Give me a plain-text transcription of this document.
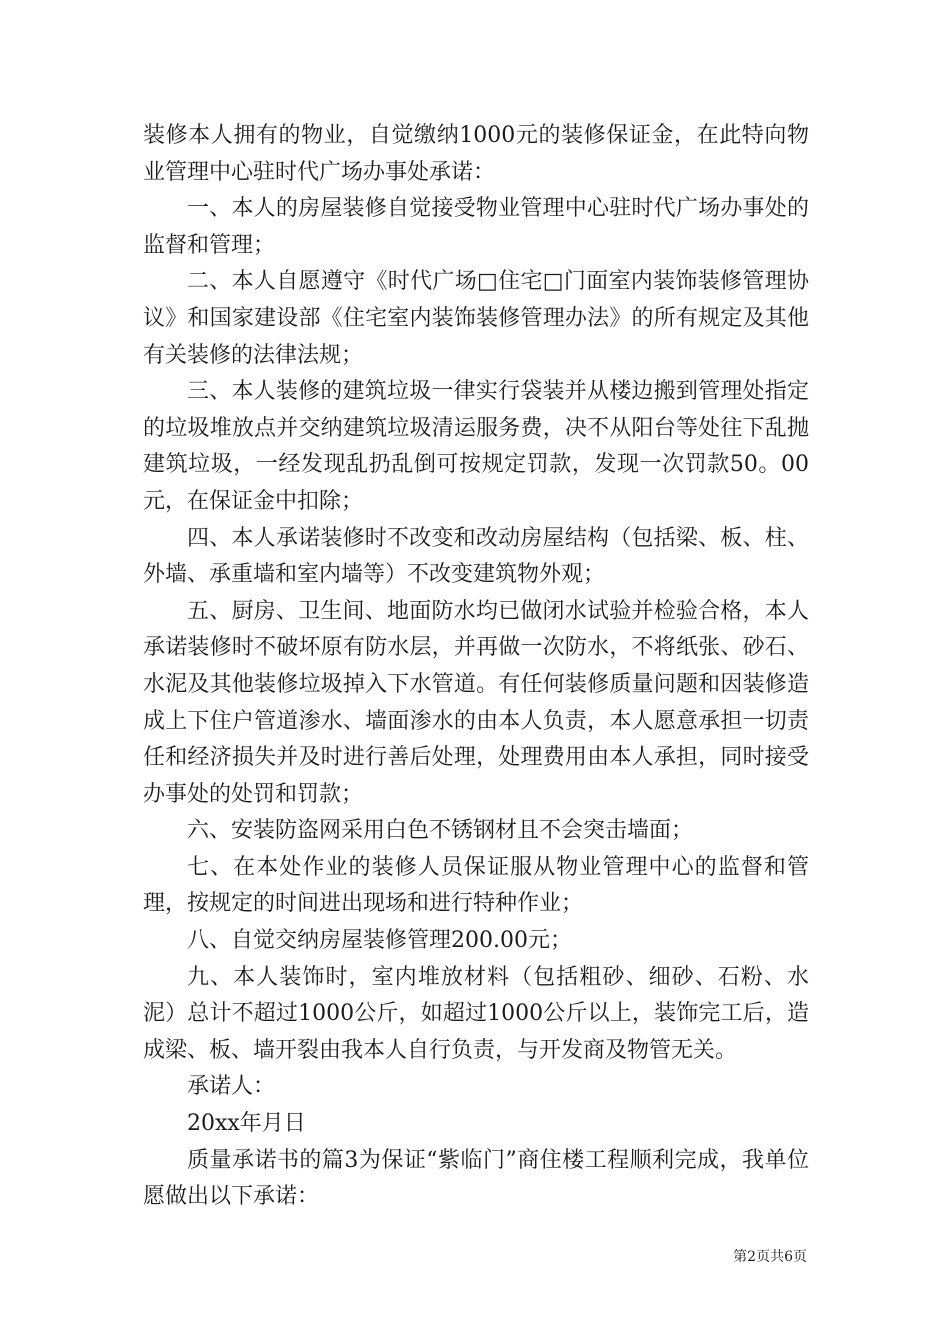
装修本人拥有的物业，自觉缴纳1000元的装修保证金，在此特向物业管理中心驻时代广场办事处承诺：

一、本人的房屋装修自觉接受物业管理中心驻时代广场办事处的监督和管理；

二、本人自愿遵守《时代广场□住宅□门面室内装饰装修管理协议》和国家建设部《住宅室内装饰装修管理办法》的所有规定及其他有关装修的法律法规；

三、本人装修的建筑垃圾一律实行袋装并从楼边搬到管理处指定的垃圾堆放点并交纳建筑垃圾清运服务费，决不从阳台等处往下乱抛建筑垃圾，一经发现乱扔乱倒可按规定罚款，发现一次罚款50。00元，在保证金中扣除；

四、本人承诺装修时不改变和改动房屋结构（包括梁、板、柱、外墙、承重墙和室内墙等）不改变建筑物外观；

五、厨房、卫生间、地面防水均已做闭水试验并检验合格，本人承诺装修时不破坏原有防水层，并再做一次防水，不将纸张、砂石、水泥及其他装修垃圾掉入下水管道。有任何装修质量问题和因装修造成上下住户管道渗水、墙面渗水的由本人负责，本人愿意承担一切责任和经济损失并及时进行善后处理，处理费用由本人承担，同时接受办事处的处罚和罚款；

六、安装防盗网采用白色不锈钢材且不会突击墙面；

七、在本处作业的装修人员保证服从物业管理中心的监督和管理，按规定的时间进出现场和进行特种作业；

八、自觉交纳房屋装修管理200.00元；

九、本人装饰时，室内堆放材料（包括粗砂、细砂、石粉、水泥）总计不超过1000公斤，如超过1000公斤以上，装饰完工后，造成梁、板、墙开裂由我本人自行负责，与开发商及物管无关。

承诺人：

20xx年月日

质量承诺书的篇3为保证“紫临门”商住楼工程顺利完成，我单位愿做出以下承诺：

第2页共6页
